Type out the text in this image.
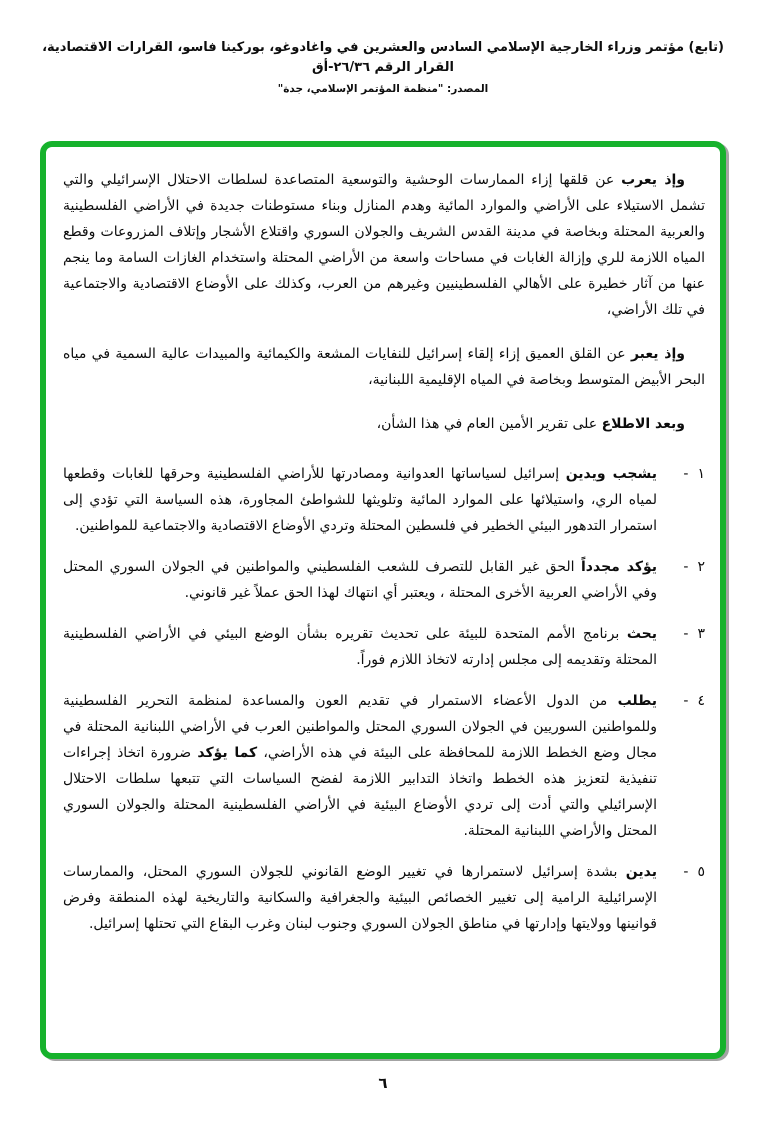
(تابع) مؤتمر وزراء الخارجية الإسلامي السادس والعشرين في واغادوغو، بوركينا فاسو، القرارات الاقتصادية، القرار الرقم ٢٦/٣٦-أق
المصدر: "منظمة المؤتمر الإسلامي، جدة"

وإذ يعرب عن قلقها إزاء الممارسات الوحشية والتوسعية المتصاعدة لسلطات الاحتلال الإسرائيلي والتي تشمل الاستيلاء على الأراضي والموارد المائية وهدم المنازل وبناء مستوطنات جديدة في الأراضي الفلسطينية والعربية المحتلة وبخاصة في مدينة القدس الشريف والجولان السوري واقتلاع الأشجار وإتلاف المزروعات وقطع المياه اللازمة للري وإزالة الغابات في مساحات واسعة من الأراضي المحتلة واستخدام الغازات السامة وما ينجم عنها من آثار خطيرة على الأهالي الفلسطينيين وغيرهم من العرب، وكذلك على الأوضاع الاقتصادية والاجتماعية في تلك الأراضي،

وإذ يعبر عن القلق العميق إزاء إلقاء إسرائيل للنفايات المشعة والكيمائية والمبيدات عالية السمية في مياه البحر الأبيض المتوسط وبخاصة في المياه الإقليمية اللبنانية،

وبعد الاطلاع على تقرير الأمين العام في هذا الشأن،

١
-
يشجب ويدين إسرائيل لسياساتها العدوانية ومصادرتها للأراضي الفلسطينية وحرقها للغابات وقطعها لمياه الري، واستيلائها على الموارد المائية وتلويثها للشواطئ المجاورة، هذه السياسة التي تؤدي إلى استمرار التدهور البيئي الخطير في فلسطين المحتلة وتردي الأوضاع الاقتصادية والاجتماعية للمواطنين.
٢
-
يؤكد مجدداً الحق غير القابل للتصرف للشعب الفلسطيني والمواطنين في الجولان السوري المحتل وفي الأراضي العربية الأخرى المحتلة ، ويعتبر أي انتهاك لهذا الحق عملاً غير قانوني.
٣
-
يحث برنامج الأمم المتحدة للبيئة على تحديث تقريره بشأن الوضع البيئي في الأراضي الفلسطينية المحتلة وتقديمه إلى مجلس إدارته لاتخاذ اللازم فوراً.
٤
-
يطلب من الدول الأعضاء الاستمرار في تقديم العون والمساعدة لمنظمة التحرير الفلسطينية وللمواطنين السوريين في الجولان السوري المحتل والمواطنين العرب في الأراضي اللبنانية المحتلة في مجال وضع الخطط اللازمة للمحافظة على البيئة في هذه الأراضي، كما يؤكد ضرورة اتخاذ إجراءات تنفيذية لتعزيز هذه الخطط واتخاذ التدابير اللازمة لفضح السياسات التي تتبعها سلطات الاحتلال الإسرائيلي والتي أدت إلى تردي الأوضاع البيئية في الأراضي الفلسطينية المحتلة والجولان السوري المحتل والأراضي اللبنانية المحتلة.
٥
-
يدين بشدة إسرائيل لاستمرارها في تغيير الوضع القانوني للجولان السوري المحتل، والممارسات الإسرائيلية الرامية إلى تغيير الخصائص البيئية والجغرافية والسكانية والتاريخية لهذه المنطقة وفرض قوانينها وولايتها وإدارتها في مناطق الجولان السوري وجنوب لبنان وغرب البقاع التي تحتلها إسرائيل.
٦
